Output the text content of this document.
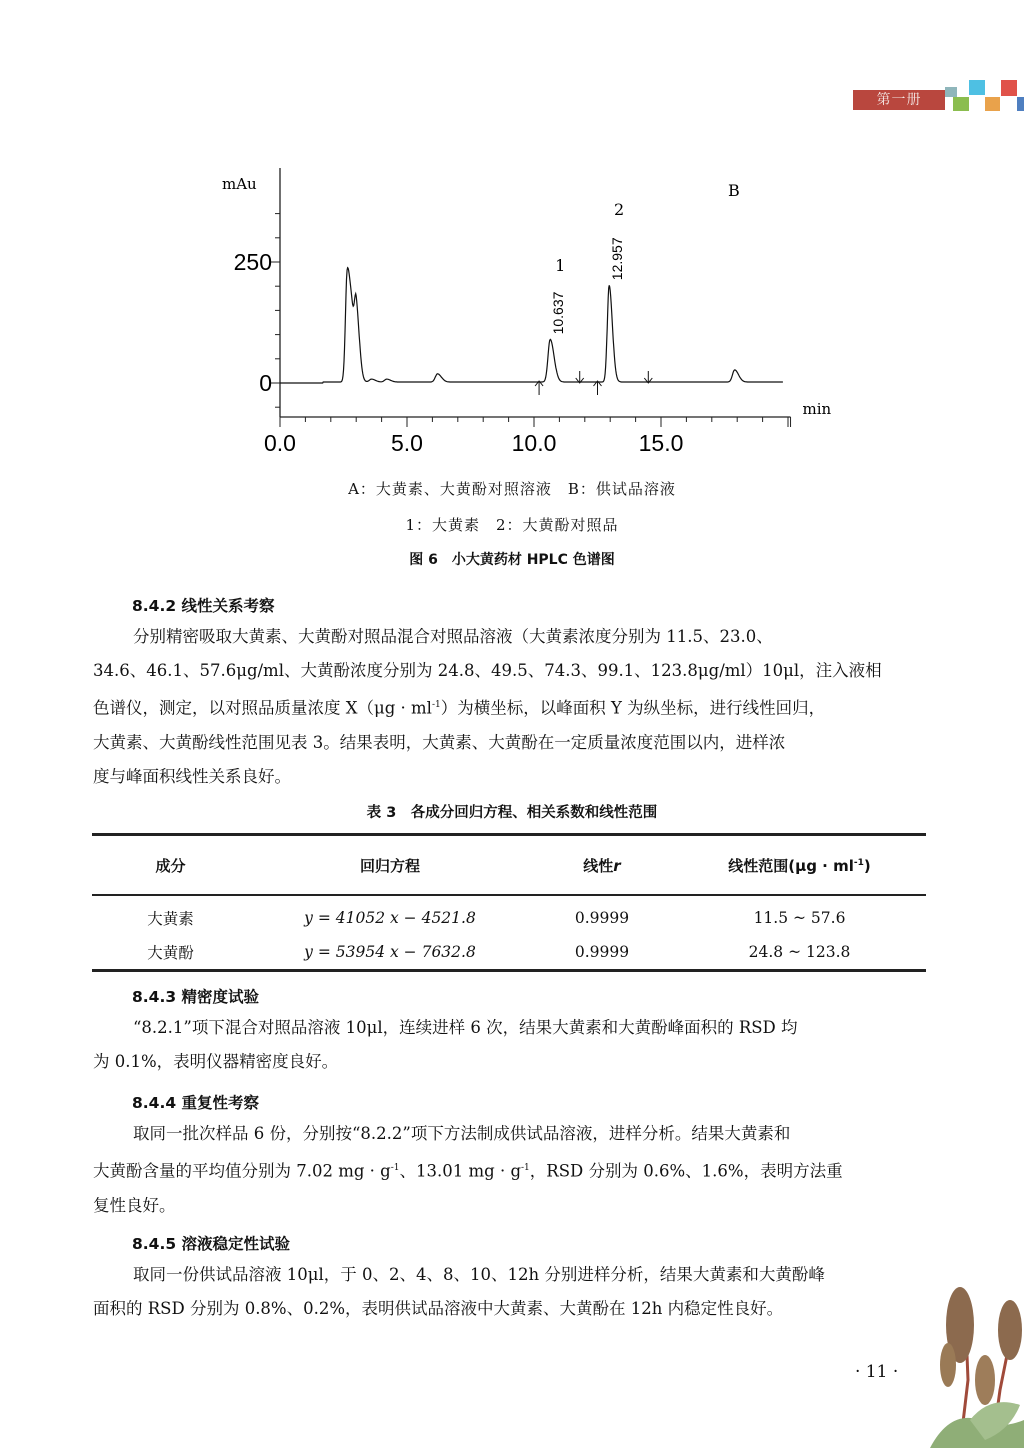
第一册
0
250
0.0	5.0	10.0	15.0
mAu
min
B
10.637
1	12.957
2
A：大黄素、大黄酚对照溶液　B：供试品溶液
1：大黄素　2：大黄酚对照品
图 6　小大黄药材 HPLC 色谱图
8.4.2 线性关系考察
分别精密吸取大黄素、大黄酚对照品混合对照品溶液（大黄素浓度分别为 11.5、23.0、
34.6、46.1、57.6μg/ml、大黄酚浓度分别为 24.8、49.5、74.3、99.1、123.8μg/ml）10μl，注入液相
色谱仪，测定，以对照品质量浓度 $X(\mu g \cdot ml^{-1})$为横坐标，以峰面积 Y 为纵坐标，进行线性回归，
大黄素、大黄酚线性范围见表 3。结果表明，大黄素、大黄酚在一定质量浓度范围以内，进样浓
度与峰面积线性关系良好。
表 3　各成分回归方程、相关系数和线性范围
成分	回归方程	线性r	线性范围$(\mu g \cdot ml^{-1})$
大黄素	y = 41052 x − 4521.8	0.9999	11.5 ~ 57.6
大黄酚	y = 53954 x − 7632.8	0.9999	24.8 ~ 123.8
8.4.3 精密度试验
“8.2.1”项下混合对照品溶液 10μl，连续进样 6 次，结果大黄素和大黄酚峰面积的 RSD 均
为 0.1%，表明仪器精密度良好。
8.4.4 重复性考察
取同一批次样品 6 份，分别按“8.2.2”项下方法制成供试品溶液，进样分析。结果大黄素和
大黄酚含量的平均值分别为 7.02 mg · $g^{-1}$、13.01 mg · $g^{-1}$，RSD 分别为 0.6%、1.6%，表明方法重
复性良好。
8.4.5 溶液稳定性试验
取同一份供试品溶液 10μl，于 0、2、4、8、10、12h 分别进样分析，结果大黄素和大黄酚峰
面积的 RSD 分别为 0.8%、0.2%，表明供试品溶液中大黄素、大黄酚在 12h 内稳定性良好。
· 11 ·
